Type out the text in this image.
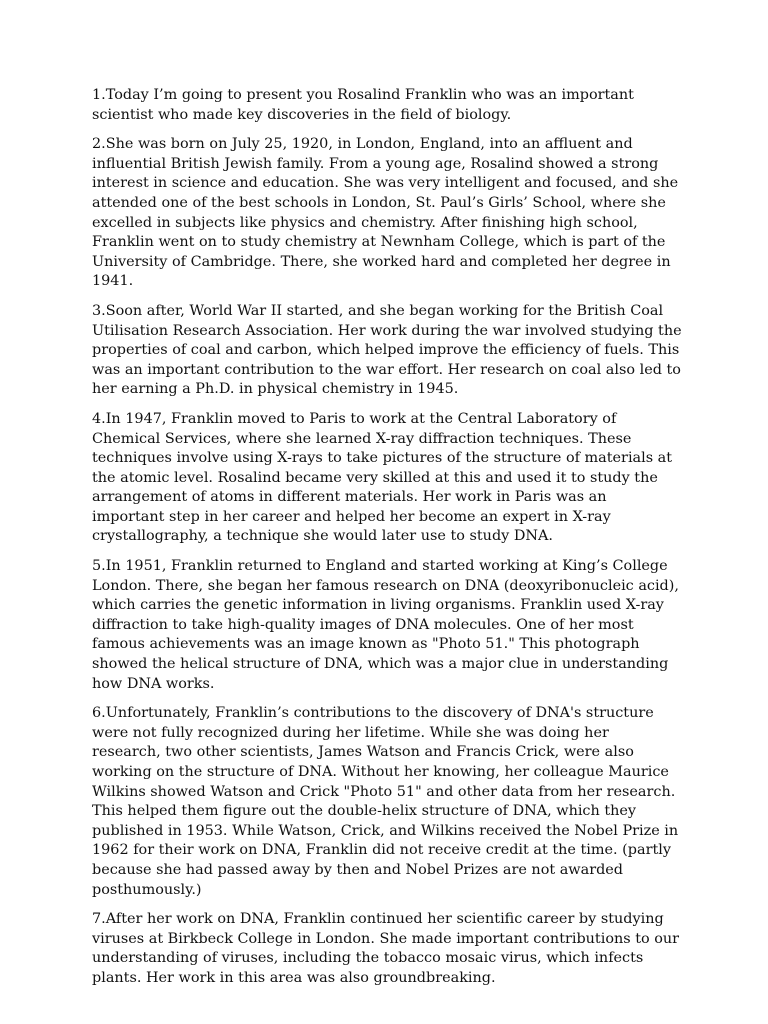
1.Today I’m going to present you Rosalind Franklin who was an important scientist who made key discoveries in the field of biology.

2.She was born on July 25, 1920, in London, England, into an affluent and influential British Jewish family. From a young age, Rosalind showed a strong interest in science and education. She was very intelligent and focused, and she attended one of the best schools in London, St. Paul’s Girls’ School, where she excelled in subjects like physics and chemistry. After finishing high school, Franklin went on to study chemistry at Newnham College, which is part of the University of Cambridge. There, she worked hard and completed her degree in 1941.

3.Soon after, World War II started, and she began working for the British Coal Utilisation Research Association. Her work during the war involved studying the properties of coal and carbon, which helped improve the efficiency of fuels. This was an important contribution to the war effort. Her research on coal also led to her earning a Ph.D. in physical chemistry in 1945.

4.In 1947, Franklin moved to Paris to work at the Central Laboratory of Chemical Services, where she learned X-ray diffraction techniques. These techniques involve using X-rays to take pictures of the structure of materials at the atomic level. Rosalind became very skilled at this and used it to study the arrangement of atoms in different materials. Her work in Paris was an important step in her career and helped her become an expert in X-ray crystallography, a technique she would later use to study DNA.

5.In 1951, Franklin returned to England and started working at King’s College London. There, she began her famous research on DNA (deoxyribonucleic acid), which carries the genetic information in living organisms. Franklin used X-ray diffraction to take high-quality images of DNA molecules. One of her most famous achievements was an image known as "Photo 51." This photograph showed the helical structure of DNA, which was a major clue in understanding how DNA works.

6.Unfortunately, Franklin’s contributions to the discovery of DNA's structure were not fully recognized during her lifetime. While she was doing her research, two other scientists, James Watson and Francis Crick, were also working on the structure of DNA. Without her knowing, her colleague Maurice Wilkins showed Watson and Crick "Photo 51" and other data from her research. This helped them figure out the double-helix structure of DNA, which they published in 1953. While Watson, Crick, and Wilkins received the Nobel Prize in 1962 for their work on DNA, Franklin did not receive credit at the time. (partly because she had passed away by then and Nobel Prizes are not awarded posthumously.)

7.After her work on DNA, Franklin continued her scientific career by studying viruses at Birkbeck College in London. She made important contributions to our understanding of viruses, including the tobacco mosaic virus, which infects plants. Her work in this area was also groundbreaking.
